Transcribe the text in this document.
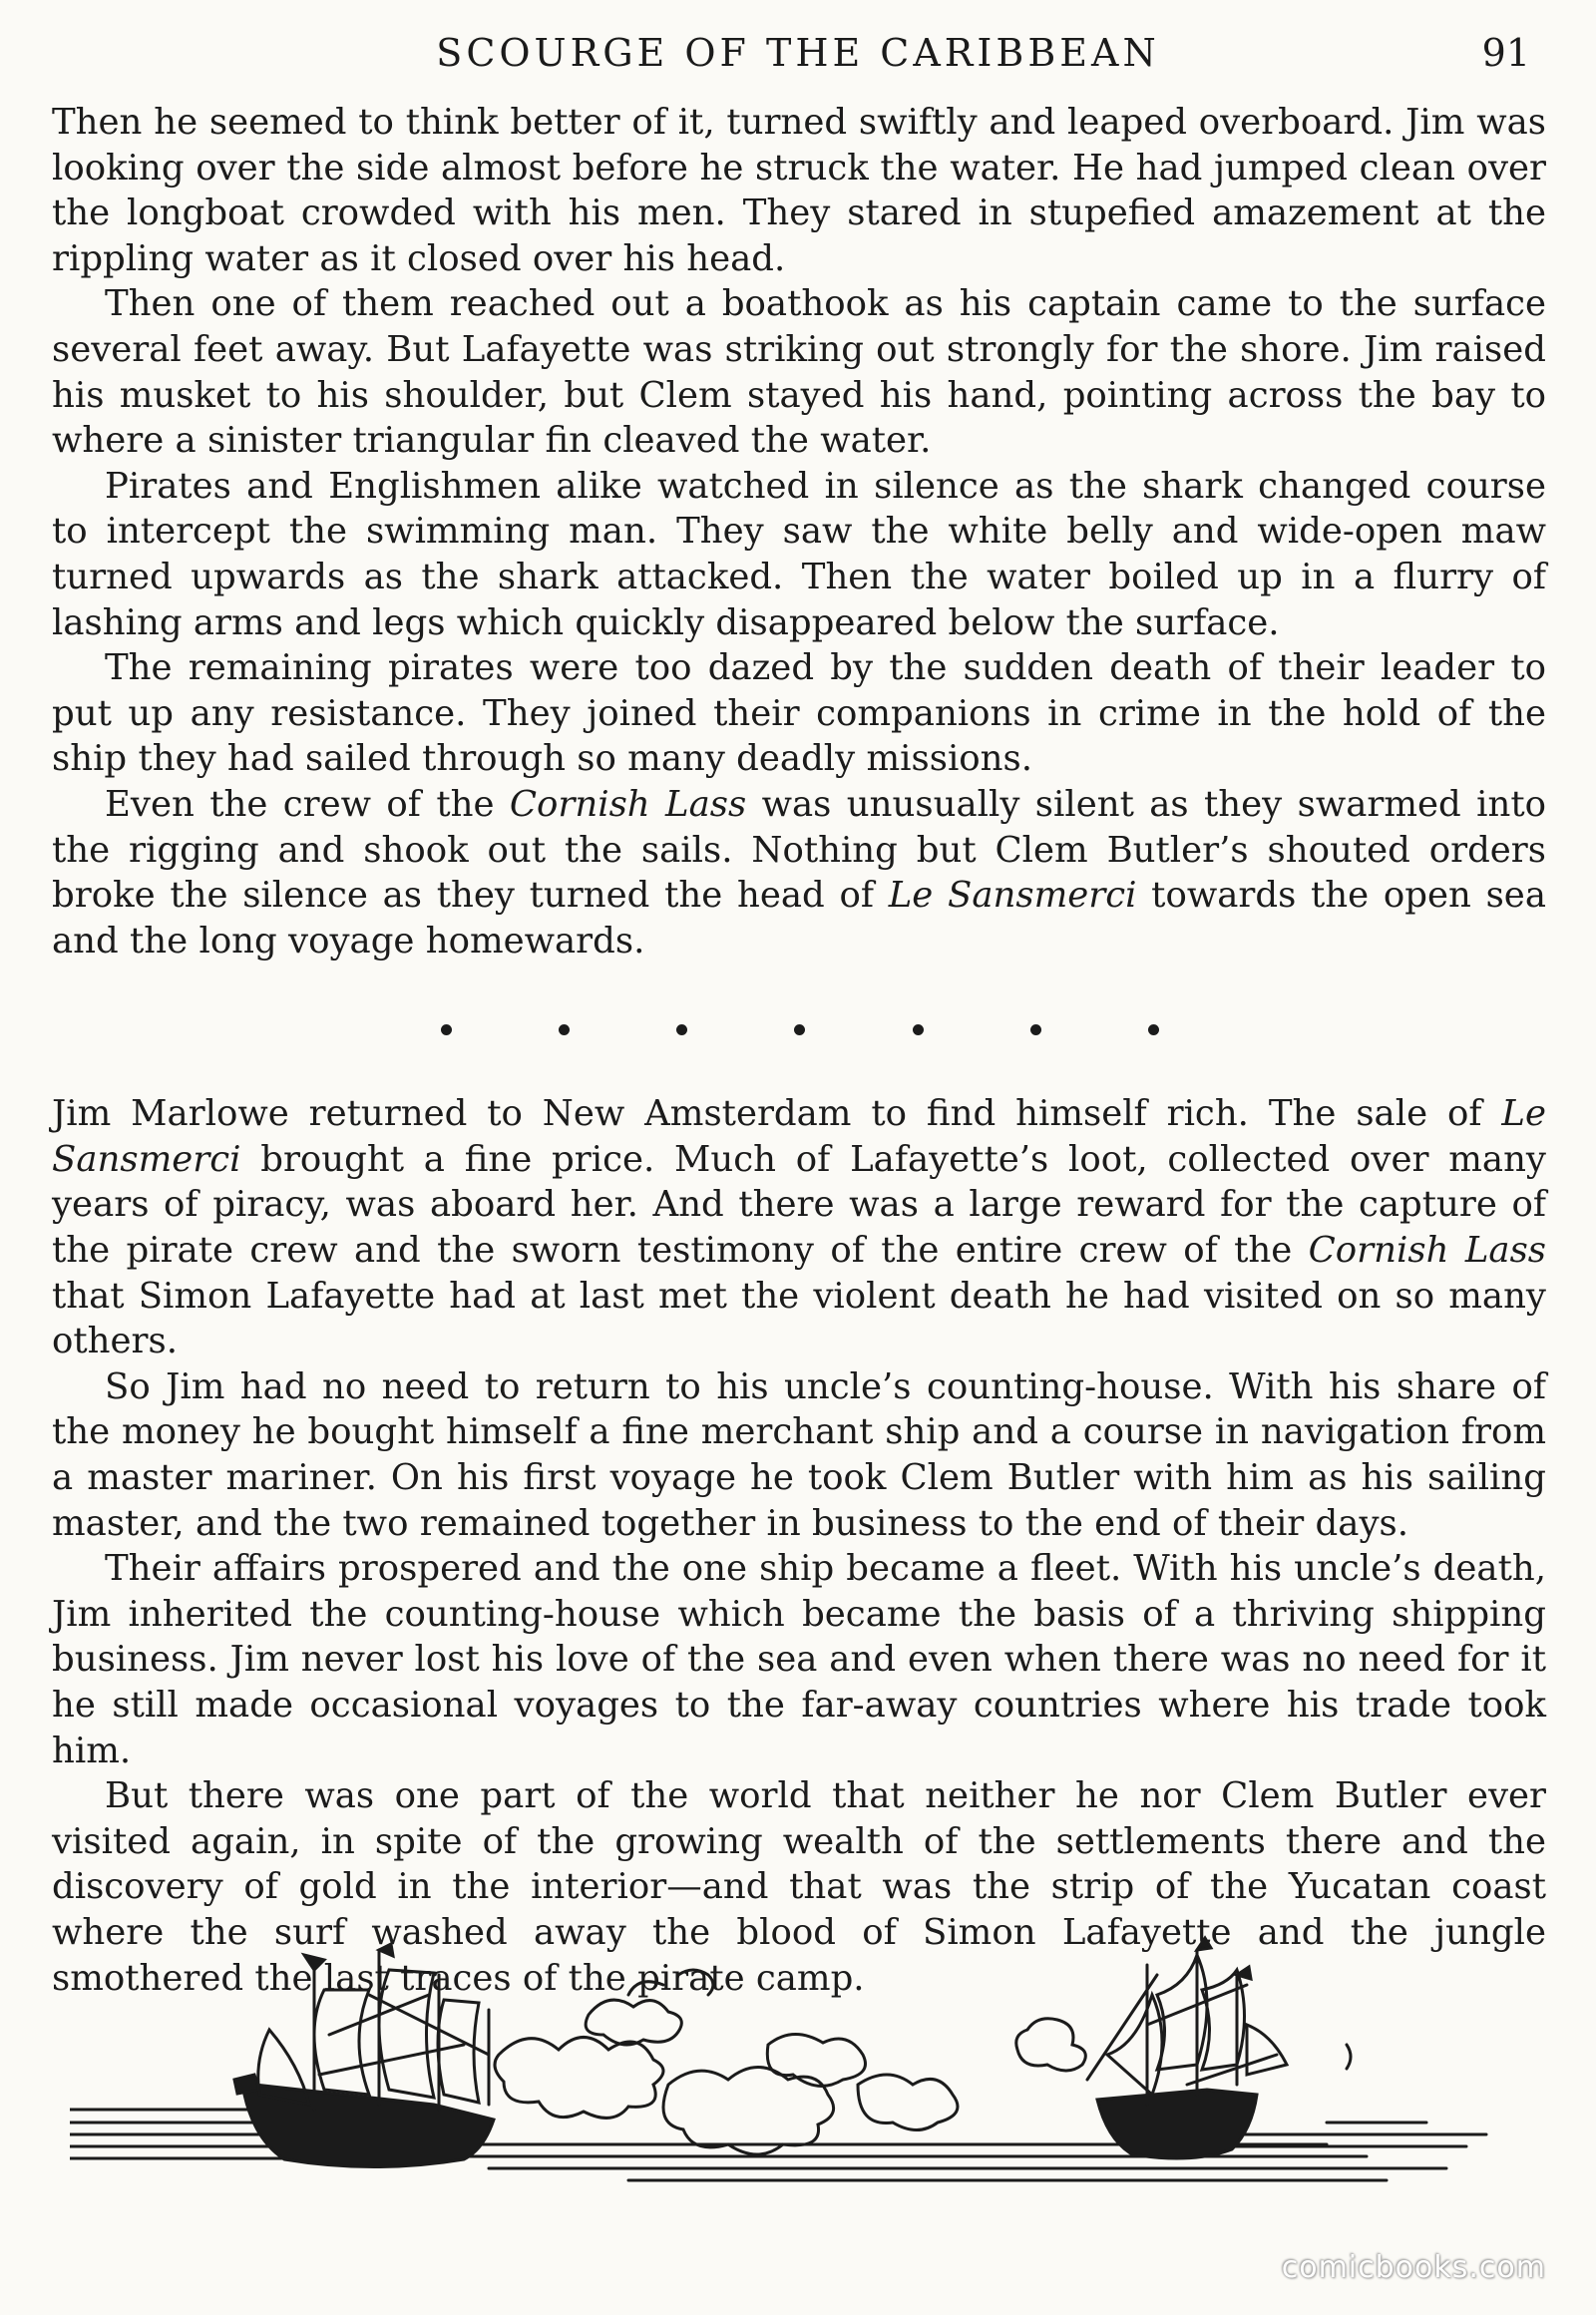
SCOURGE OF THE CARIBBEAN	91

Then he seemed to think better of it, turned swiftly and leaped overboard. Jim was looking over the side almost before he struck the water. He had jumped clean over the longboat crowded with his men. They stared in stupefied amazement at the rippling water as it closed over his head.

Then one of them reached out a boathook as his captain came to the surface several feet away. But Lafayette was striking out strongly for the shore. Jim raised his musket to his shoulder, but Clem stayed his hand, pointing across the bay to where a sinister triangular fin cleaved the water.

Pirates and Englishmen alike watched in silence as the shark changed course to intercept the swimming man. They saw the white belly and wide-open maw turned upwards as the shark attacked. Then the water boiled up in a flurry of lashing arms and legs which quickly disappeared below the surface.

The remaining pirates were too dazed by the sudden death of their leader to put up any resistance. They joined their companions in crime in the hold of the ship they had sailed through so many deadly missions.

Even the crew of the Cornish Lass was unusually silent as they swarmed into the rigging and shook out the sails. Nothing but Clem Butler’s shouted orders broke the silence as they turned the head of Le Sansmerci towards the open sea and the long voyage homewards.

Jim Marlowe returned to New Amsterdam to find himself rich. The sale of Le Sansmerci brought a fine price. Much of Lafayette’s loot, collected over many years of piracy, was aboard her. And there was a large reward for the capture of the pirate crew and the sworn testimony of the entire crew of the Cornish Lass that Simon Lafayette had at last met the violent death he had visited on so many others.

So Jim had no need to return to his uncle’s counting-house. With his share of the money he bought himself a fine merchant ship and a course in navigation from a master mariner. On his first voyage he took Clem Butler with him as his sailing master, and the two remained together in business to the end of their days.

Their affairs prospered and the one ship became a fleet. With his uncle’s death, Jim inherited the counting-house which became the basis of a thriving shipping business. Jim never lost his love of the sea and even when there was no need for it he still made occasional voyages to the far-away countries where his trade took him.

But there was one part of the world that neither he nor Clem Butler ever visited again, in spite of the growing wealth of the settlements there and the discovery of gold in the interior—and that was the strip of the Yucatan coast where the surf washed away the blood of Simon Lafayette and the jungle smothered the last traces of the pirate camp.

comicbooks.com
